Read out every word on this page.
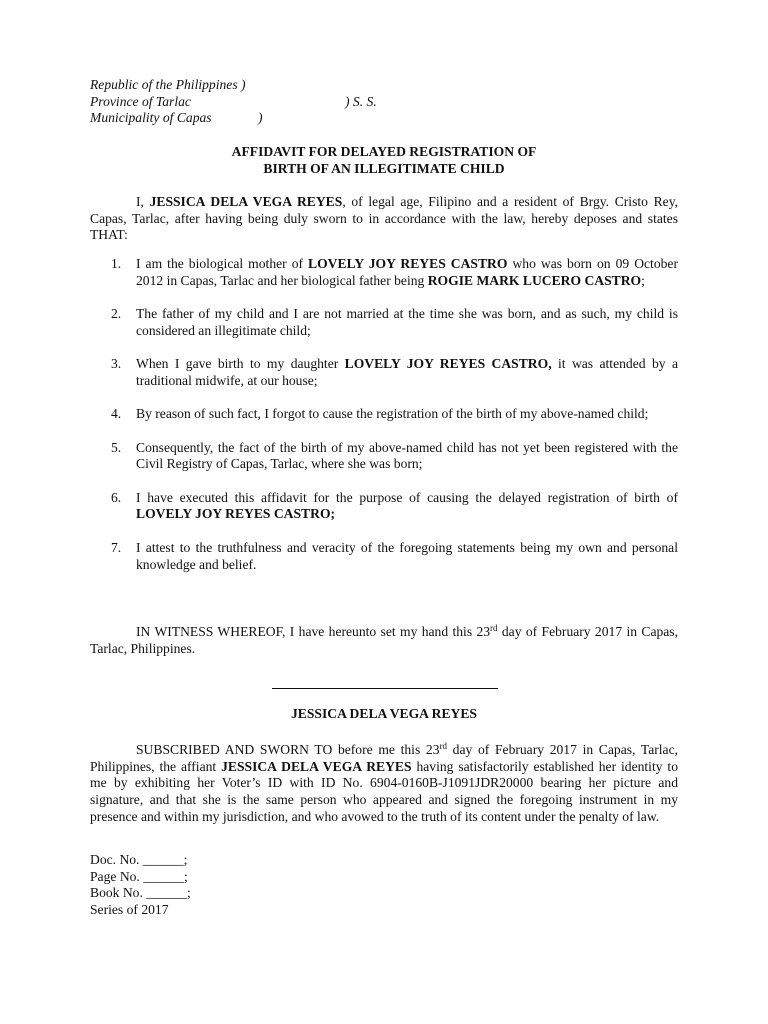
Republic of the Philippines )
Province of Tarlac	) S. S.
Municipality of Capas	)
AFFIDAVIT FOR DELAYED REGISTRATION OF
BIRTH OF AN ILLEGITIMATE CHILD
I, JESSICA DELA VEGA REYES, of legal age, Filipino and a resident of Brgy. Cristo Rey, Capas, Tarlac, after having being duly sworn to in accordance with the law, hereby deposes and states THAT:
1. I am the biological mother of LOVELY JOY REYES CASTRO who was born on 09 October 2012 in Capas, Tarlac and her biological father being ROGIE MARK LUCERO CASTRO;
2. The father of my child and I are not married at the time she was born, and as such, my child is considered an illegitimate child;
3. When I gave birth to my daughter LOVELY JOY REYES CASTRO, it was attended by a traditional midwife, at our house;
4. By reason of such fact, I forgot to cause the registration of the birth of my above-named child;
5. Consequently, the fact of the birth of my above-named child has not yet been registered with the Civil Registry of Capas, Tarlac, where she was born;
6. I have executed this affidavit for the purpose of causing the delayed registration of birth of LOVELY JOY REYES CASTRO;
7. I attest to the truthfulness and veracity of the foregoing statements being my own and personal knowledge and belief.
IN WITNESS WHEREOF, I have hereunto set my hand this 23rd day of February 2017 in Capas, Tarlac, Philippines.
JESSICA DELA VEGA REYES
SUBSCRIBED AND SWORN TO before me this 23rd day of February 2017 in Capas, Tarlac, Philippines, the affiant JESSICA DELA VEGA REYES having satisfactorily established her identity to me by exhibiting her Voter’s ID with ID No. 6904-0160B-J1091JDR20000 bearing her picture and signature, and that she is the same person who appeared and signed the foregoing instrument in my presence and within my jurisdiction, and who avowed to the truth of its content under the penalty of law.
Doc. No. ______;
Page No. ______;
Book No. ______;
Series of 2017
